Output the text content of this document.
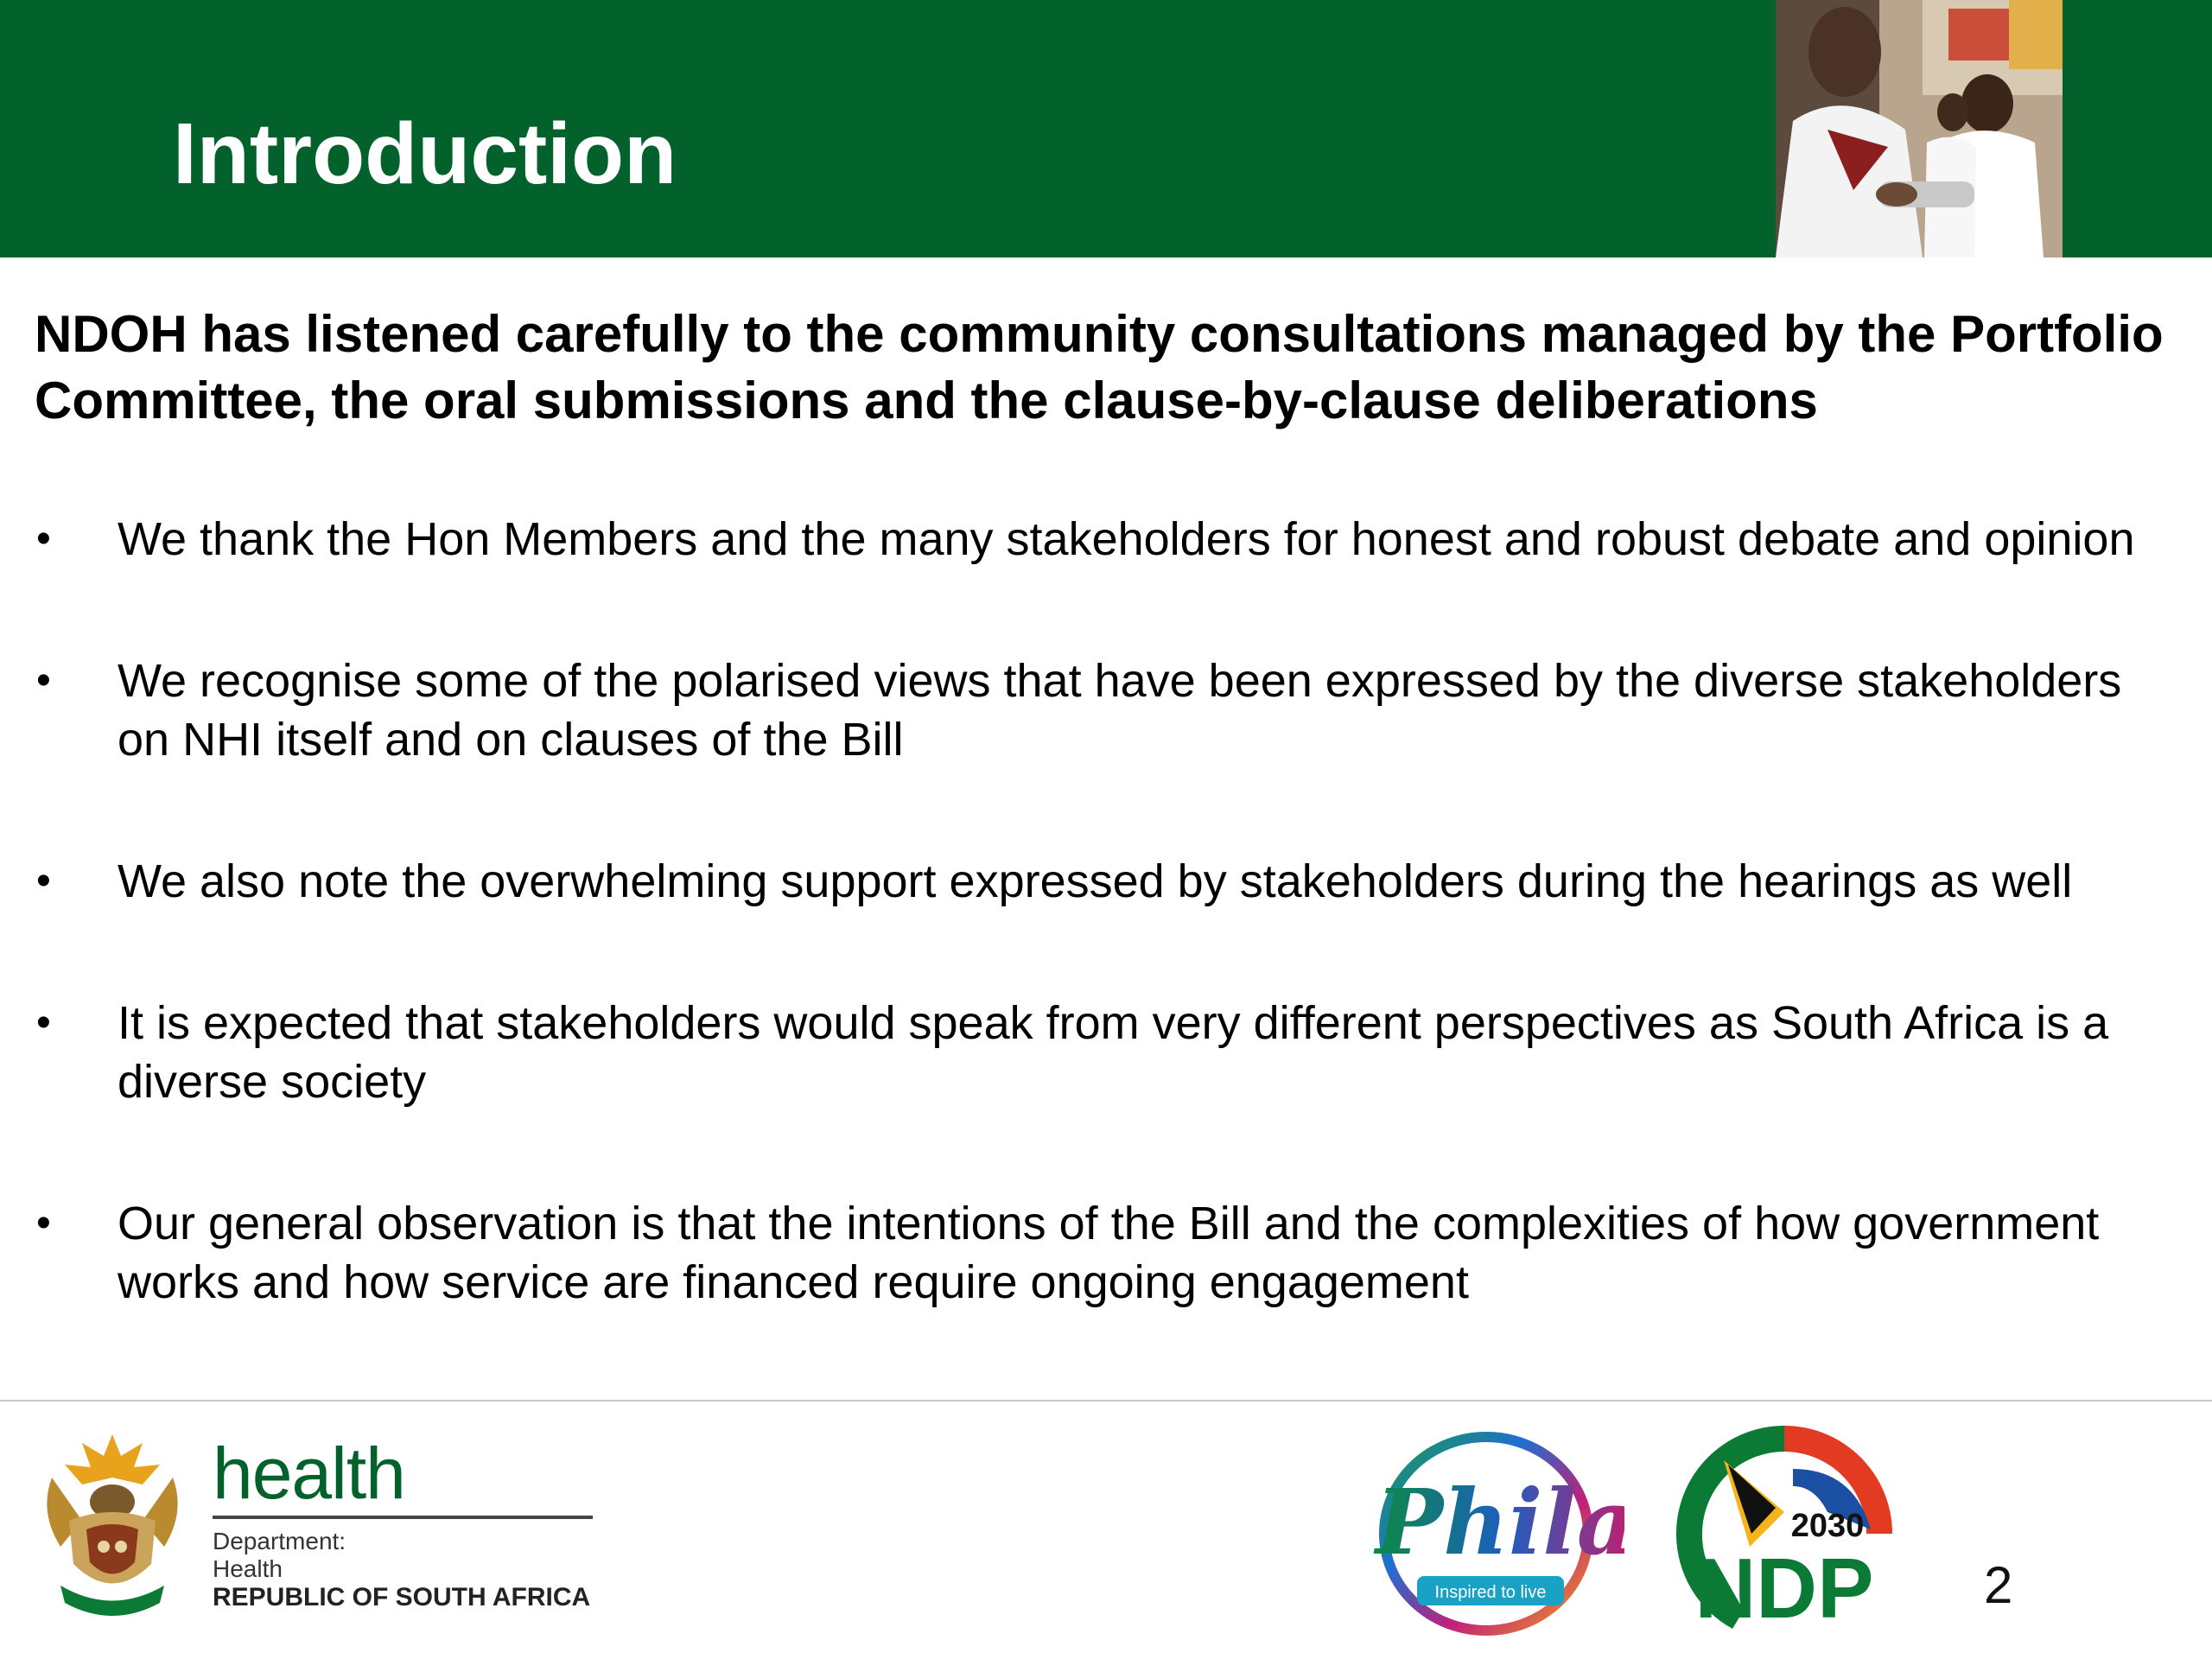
Introduction

NDOH has listened carefully to the community consultations managed by the Portfolio Committee, the oral submissions and the clause-by-clause deliberations

• We thank the Hon Members and the many stakeholders for honest and robust debate and opinion
• We recognise some of the polarised views that have been expressed by the diverse stakeholders on NHI itself and on clauses of the Bill
• We also note the overwhelming support expressed by stakeholders during the hearings as well
• It is expected that stakeholders would speak from very different perspectives as South Africa is a diverse society
• Our general observation is that the intentions of the Bill and the complexities of how government works and how service are financed require ongoing engagement
health
Department:
Health
REPUBLIC OF SOUTH AFRICA
Phila
Inspired to live
2030
NDP 2
